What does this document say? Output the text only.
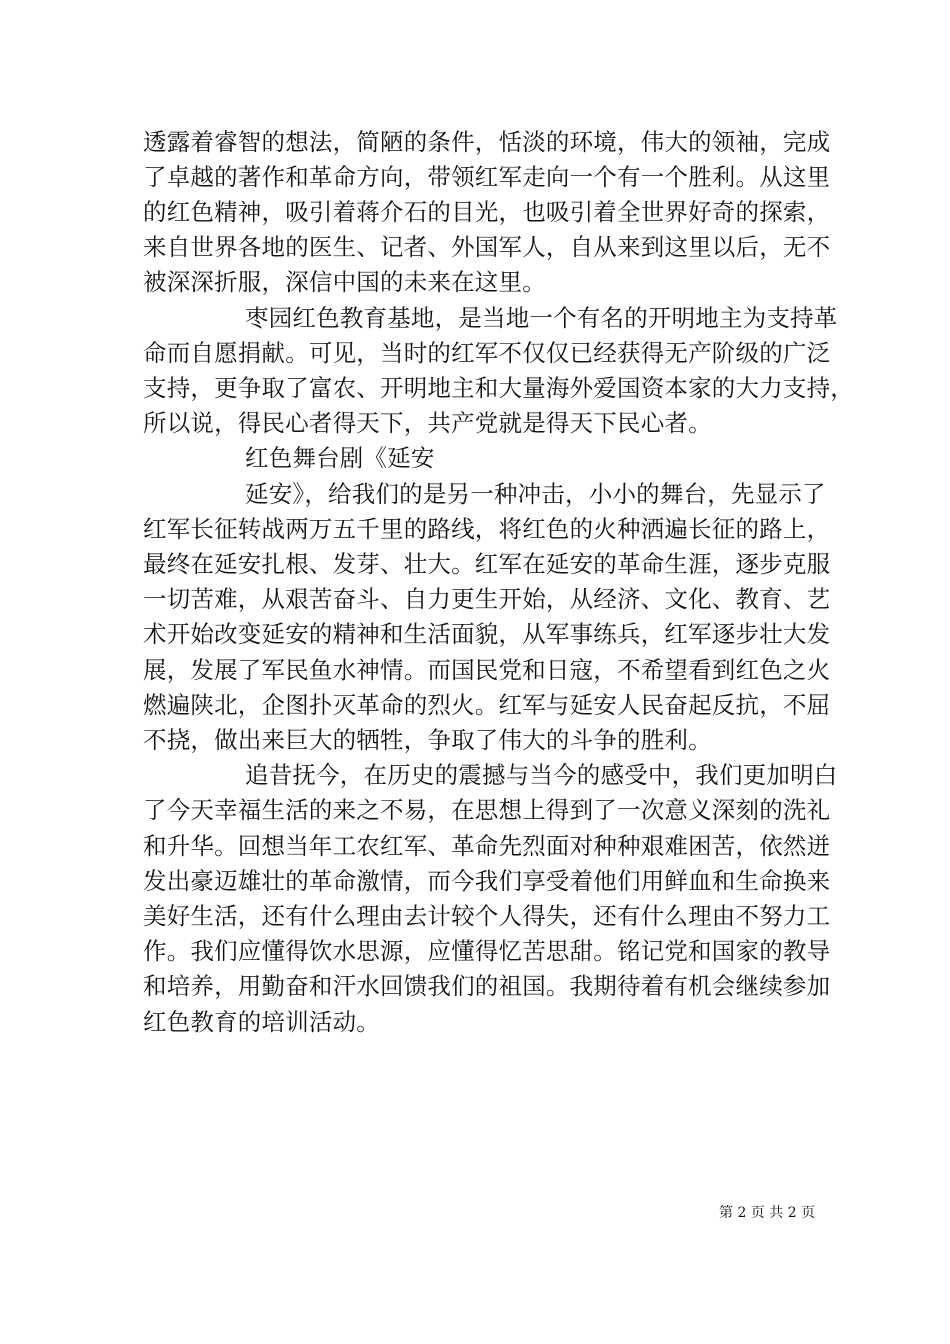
透露着睿智的想法，简陋的条件，恬淡的环境，伟大的领袖，完成
了卓越的著作和革命方向，带领红军走向一个有一个胜利。从这里
的红色精神，吸引着蒋介石的目光，也吸引着全世界好奇的探索，
来自世界各地的医生、记者、外国军人，自从来到这里以后，无不
被深深折服，深信中国的未来在这里。
枣园红色教育基地，是当地一个有名的开明地主为支持革
命而自愿捐献。可见，当时的红军不仅仅已经获得无产阶级的广泛
支持，更争取了富农、开明地主和大量海外爱国资本家的大力支持，
所以说，得民心者得天下，共产党就是得天下民心者。
红色舞台剧《延安
延安》，给我们的是另一种冲击，小小的舞台，先显示了
红军长征转战两万五千里的路线，将红色的火种洒遍长征的路上，
最终在延安扎根、发芽、壮大。红军在延安的革命生涯，逐步克服
一切苦难，从艰苦奋斗、自力更生开始，从经济、文化、教育、艺
术开始改变延安的精神和生活面貌，从军事练兵，红军逐步壮大发
展，发展了军民鱼水神情。而国民党和日寇，不希望看到红色之火
燃遍陕北，企图扑灭革命的烈火。红军与延安人民奋起反抗，不屈
不挠，做出来巨大的牺牲，争取了伟大的斗争的胜利。
追昔抚今，在历史的震撼与当今的感受中，我们更加明白
了今天幸福生活的来之不易，在思想上得到了一次意义深刻的洗礼
和升华。回想当年工农红军、革命先烈面对种种艰难困苦，依然迸
发出豪迈雄壮的革命激情，而今我们享受着他们用鲜血和生命换来
美好生活，还有什么理由去计较个人得失，还有什么理由不努力工
作。我们应懂得饮水思源，应懂得忆苦思甜。铭记党和国家的教导
和培养，用勤奋和汗水回馈我们的祖国。我期待着有机会继续参加
红色教育的培训活动。
第 2 页 共 2 页
